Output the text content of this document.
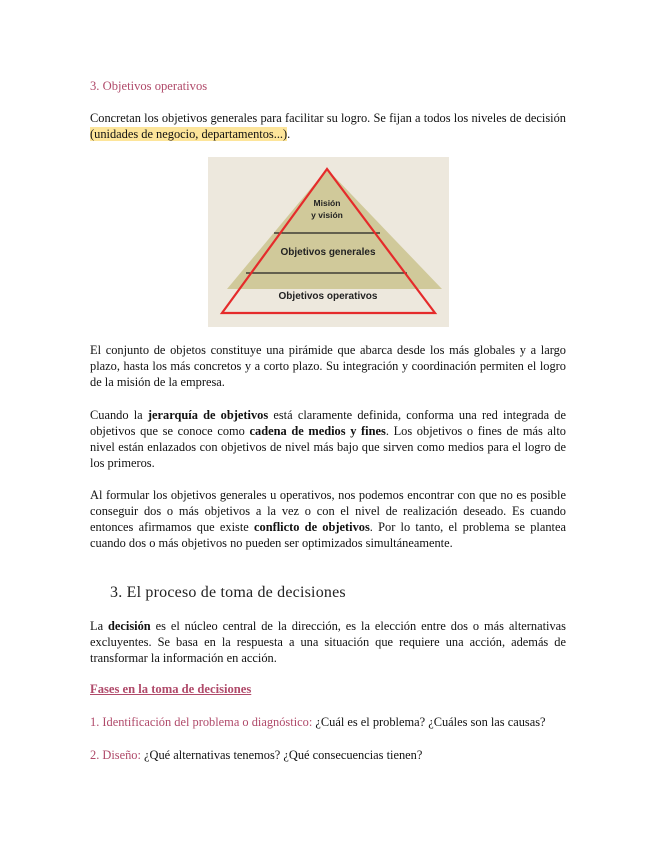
3. Objetivos operativos
Concretan los objetivos generales para facilitar su logro. Se fijan a todos los niveles de decisión (unidades de negocio, departamentos...).
Misión
y visión
Objetivos generales
Objetivos operativos
El conjunto de objetos constituye una pirámide que abarca desde los más globales y a largo plazo, hasta los más concretos y a corto plazo. Su integración y coordinación permiten el logro de la misión de la empresa.
Cuando la jerarquía de objetivos está claramente definida, conforma una red integrada de objetivos que se conoce como cadena de medios y fines. Los objetivos o fines de más alto nivel están enlazados con objetivos de nivel más bajo que sirven como medios para el logro de los primeros.
Al formular los objetivos generales u operativos, nos podemos encontrar con que no es posible conseguir dos o más objetivos a la vez o con el nivel de realización deseado. Es cuando entonces afirmamos que existe conflicto de objetivos. Por lo tanto, el problema se plantea cuando dos o más objetivos no pueden ser optimizados simultáneamente.
3. El proceso de toma de decisiones
La decisión es el núcleo central de la dirección, es la elección entre dos o más alternativas excluyentes. Se basa en la respuesta a una situación que requiere una acción, además de transformar la información en acción.
Fases en la toma de decisiones
1. Identificación del problema o diagnóstico: ¿Cuál es el problema? ¿Cuáles son las causas?
2. Diseño: ¿Qué alternativas tenemos? ¿Qué consecuencias tienen?
